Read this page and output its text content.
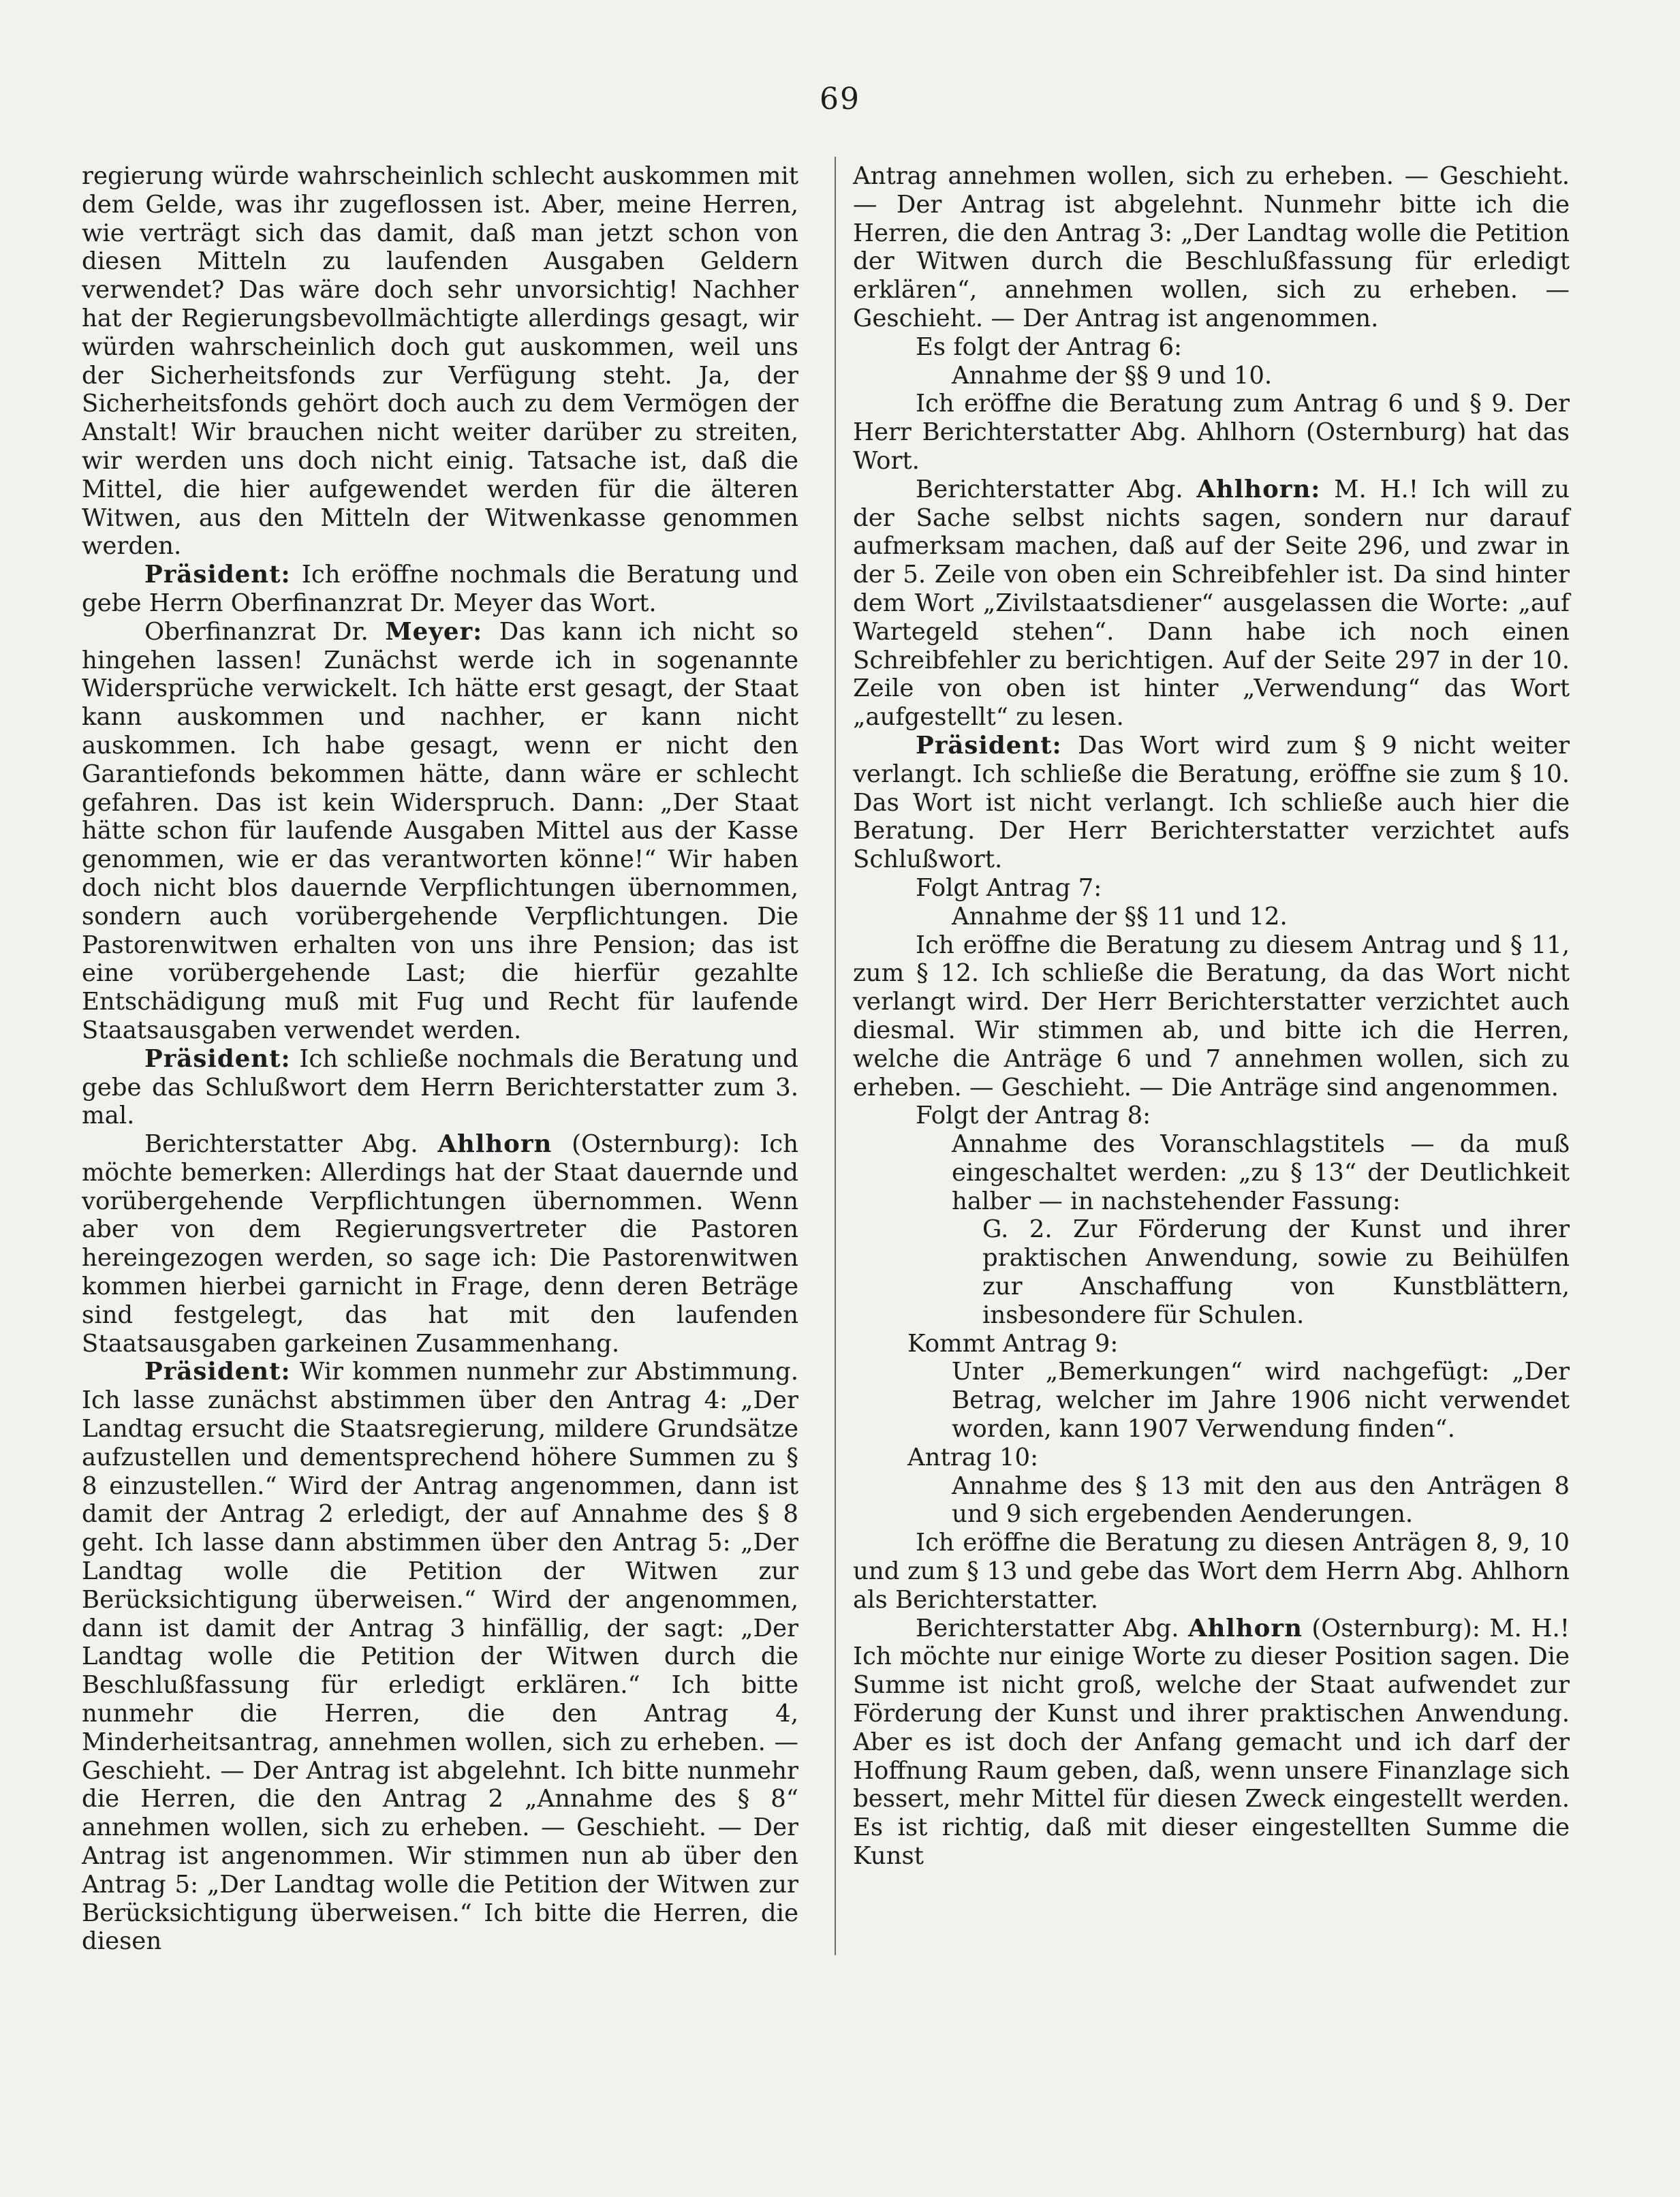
69

regierung würde wahrscheinlich schlecht auskommen mit dem Gelde, was ihr zugeflossen ist. Aber, meine Herren, wie verträgt sich das damit, daß man jetzt schon von diesen Mitteln zu laufenden Ausgaben Geldern verwendet? Das wäre doch sehr unvorsichtig! Nachher hat der Regierungsbevollmächtigte allerdings gesagt, wir würden wahrscheinlich doch gut auskommen, weil uns der Sicherheitsfonds zur Verfügung steht. Ja, der Sicherheitsfonds gehört doch auch zu dem Vermögen der Anstalt! Wir brauchen nicht weiter darüber zu streiten, wir werden uns doch nicht einig. Tatsache ist, daß die Mittel, die hier aufgewendet werden für die älteren Witwen, aus den Mitteln der Witwenkasse genommen werden.

Präsident: Ich eröffne nochmals die Beratung und gebe Herrn Oberfinanzrat Dr. Meyer das Wort.

Oberfinanzrat Dr. Meyer: Das kann ich nicht so hingehen lassen! Zunächst werde ich in sogenannte Widersprüche verwickelt. Ich hätte erst gesagt, der Staat kann auskommen und nachher, er kann nicht auskommen. Ich habe gesagt, wenn er nicht den Garantiefonds bekommen hätte, dann wäre er schlecht gefahren. Das ist kein Widerspruch. Dann: „Der Staat hätte schon für laufende Ausgaben Mittel aus der Kasse genommen, wie er das verantworten könne!“ Wir haben doch nicht blos dauernde Verpflichtungen übernommen, sondern auch vorübergehende Verpflichtungen. Die Pastorenwitwen erhalten von uns ihre Pension; das ist eine vorübergehende Last; die hierfür gezahlte Entschädigung muß mit Fug und Recht für laufende Staatsausgaben verwendet werden.

Präsident: Ich schließe nochmals die Beratung und gebe das Schlußwort dem Herrn Berichterstatter zum 3. mal.

Berichterstatter Abg. Ahlhorn (Osternburg): Ich möchte bemerken: Allerdings hat der Staat dauernde und vorübergehende Verpflichtungen übernommen. Wenn aber von dem Regierungsvertreter die Pastoren hereingezogen werden, so sage ich: Die Pastorenwitwen kommen hierbei garnicht in Frage, denn deren Beträge sind festgelegt, das hat mit den laufenden Staatsausgaben garkeinen Zusammenhang.

Präsident: Wir kommen nunmehr zur Abstimmung. Ich lasse zunächst abstimmen über den Antrag 4: „Der Landtag ersucht die Staatsregierung, mildere Grundsätze aufzustellen und dementsprechend höhere Summen zu § 8 einzustellen.“ Wird der Antrag angenommen, dann ist damit der Antrag 2 erledigt, der auf Annahme des § 8 geht. Ich lasse dann abstimmen über den Antrag 5: „Der Landtag wolle die Petition der Witwen zur Berücksichtigung überweisen.“ Wird der angenommen, dann ist damit der Antrag 3 hinfällig, der sagt: „Der Landtag wolle die Petition der Witwen durch die Beschlußfassung für erledigt erklären.“ Ich bitte nunmehr die Herren, die den Antrag 4, Minderheitsantrag, annehmen wollen, sich zu erheben. — Geschieht. — Der Antrag ist abgelehnt. Ich bitte nunmehr die Herren, die den Antrag 2 „Annahme des § 8“ annehmen wollen, sich zu erheben. — Geschieht. — Der Antrag ist angenommen. Wir stimmen nun ab über den Antrag 5: „Der Landtag wolle die Petition der Witwen zur Berücksichtigung überweisen.“ Ich bitte die Herren, die diesen

Antrag annehmen wollen, sich zu erheben. — Geschieht. — Der Antrag ist abgelehnt. Nunmehr bitte ich die Herren, die den Antrag 3: „Der Landtag wolle die Petition der Witwen durch die Beschlußfassung für erledigt erklären“, annehmen wollen, sich zu erheben. — Geschieht. — Der Antrag ist angenommen.

Es folgt der Antrag 6:

Annahme der §§ 9 und 10.

Ich eröffne die Beratung zum Antrag 6 und § 9. Der Herr Berichterstatter Abg. Ahlhorn (Osternburg) hat das Wort.

Berichterstatter Abg. Ahlhorn: M. H.! Ich will zu der Sache selbst nichts sagen, sondern nur darauf aufmerksam machen, daß auf der Seite 296, und zwar in der 5. Zeile von oben ein Schreibfehler ist. Da sind hinter dem Wort „Zivilstaatsdiener“ ausgelassen die Worte: „auf Wartegeld stehen“. Dann habe ich noch einen Schreibfehler zu berichtigen. Auf der Seite 297 in der 10. Zeile von oben ist hinter „Verwendung“ das Wort „aufgestellt“ zu lesen.

Präsident: Das Wort wird zum § 9 nicht weiter verlangt. Ich schließe die Beratung, eröffne sie zum § 10. Das Wort ist nicht verlangt. Ich schließe auch hier die Beratung. Der Herr Berichterstatter verzichtet aufs Schlußwort.

Folgt Antrag 7:

Annahme der §§ 11 und 12.

Ich eröffne die Beratung zu diesem Antrag und § 11, zum § 12. Ich schließe die Beratung, da das Wort nicht verlangt wird. Der Herr Berichterstatter verzichtet auch diesmal. Wir stimmen ab, und bitte ich die Herren, welche die Anträge 6 und 7 annehmen wollen, sich zu erheben. — Geschieht. — Die Anträge sind angenommen.

Folgt der Antrag 8:

Annahme des Voranschlagstitels — da muß eingeschaltet werden: „zu § 13“ der Deutlichkeit halber — in nachstehender Fassung:

G. 2. Zur Förderung der Kunst und ihrer praktischen Anwendung, sowie zu Beihülfen zur Anschaffung von Kunstblättern, insbesondere für Schulen.

Kommt Antrag 9:

Unter „Bemerkungen“ wird nachgefügt: „Der Betrag, welcher im Jahre 1906 nicht verwendet worden, kann 1907 Verwendung finden“.

Antrag 10:

Annahme des § 13 mit den aus den Anträgen 8 und 9 sich ergebenden Aenderungen.

Ich eröffne die Beratung zu diesen Anträgen 8, 9, 10 und zum § 13 und gebe das Wort dem Herrn Abg. Ahlhorn als Berichterstatter.

Berichterstatter Abg. Ahlhorn (Osternburg): M. H.! Ich möchte nur einige Worte zu dieser Position sagen. Die Summe ist nicht groß, welche der Staat aufwendet zur Förderung der Kunst und ihrer praktischen Anwendung. Aber es ist doch der Anfang gemacht und ich darf der Hoffnung Raum geben, daß, wenn unsere Finanzlage sich bessert, mehr Mittel für diesen Zweck eingestellt werden. Es ist richtig, daß mit dieser eingestellten Summe die Kunst
